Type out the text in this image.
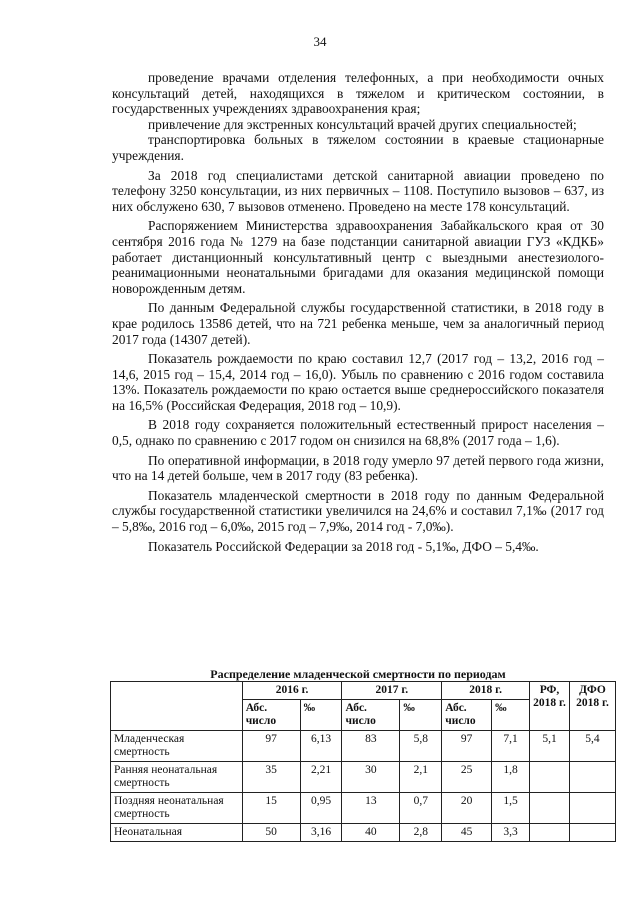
34

проведение врачами отделения телефонных, а при необходимости очных консультаций детей, находящихся в тяжелом и критическом состоянии, в государственных учреждениях здравоохранения края;

привлечение для экстренных консультаций врачей других специальностей;

транспортировка больных в тяжелом состоянии в краевые стационарные учреждения.

За 2018 год специалистами детской санитарной авиации проведено по телефону 3250 консультации, из них первичных – 1108. Поступило вызовов – 637, из них обслужено 630, 7 вызовов отменено. Проведено на месте 178 консультаций.

Распоряжением Министерства здравоохранения Забайкальского края от 30 сентября 2016 года № 1279 на базе подстанции санитарной авиации ГУЗ «КДКБ» работает дистанционный консультативный центр с выездными анестезиолого-реанимационными неонатальными бригадами для оказания медицинской помощи новорожденным детям.

По данным Федеральной службы государственной статистики, в 2018 году в крае родилось 13586 детей, что на 721 ребенка меньше, чем за аналогичный период 2017 года (14307 детей).

Показатель рождаемости по краю составил 12,7 (2017 год – 13,2, 2016 год – 14,6, 2015 год – 15,4, 2014 год – 16,0). Убыль по сравнению с 2016 годом составила 13%. Показатель рождаемости по краю остается выше среднероссийского показателя на 16,5% (Российская Федерация, 2018 год – 10,9).

В 2018 году сохраняется положительный естественный прирост населения – 0,5, однако по сравнению с 2017 годом он снизился на 68,8% (2017 года – 1,6).

По оперативной информации, в 2018 году умерло 97 детей первого года жизни, что на 14 детей больше, чем в 2017 году (83 ребенка).

Показатель младенческой смертности в 2018 году по данным Федеральной службы государственной статистики увеличился на 24,6% и составил 7,1‰ (2017 год – 5,8‰, 2016 год – 6,0‰, 2015 год – 7,9‰, 2014 год - 7,0‰).

Показатель Российской Федерации за 2018 год - 5,1‰, ДФО – 5,4‰.

Распределение младенческой смертности по периодам
	2016 г.		2017 г.		2018 г.		РФ, 2018 г.	ДФО 2018 г.
	Абс. число	‰	Абс. число	‰	Абс. число	‰		
Младенческая смертность	97	6,13	83	5,8	97	7,1	5,1	5,4
Ранняя неонатальная смертность	35	2,21	30	2,1	25	1,8		
Поздняя неонатальная смертность	15	0,95	13	0,7	20	1,5		
Неонатальная	50	3,16	40	2,8	45	3,3		
